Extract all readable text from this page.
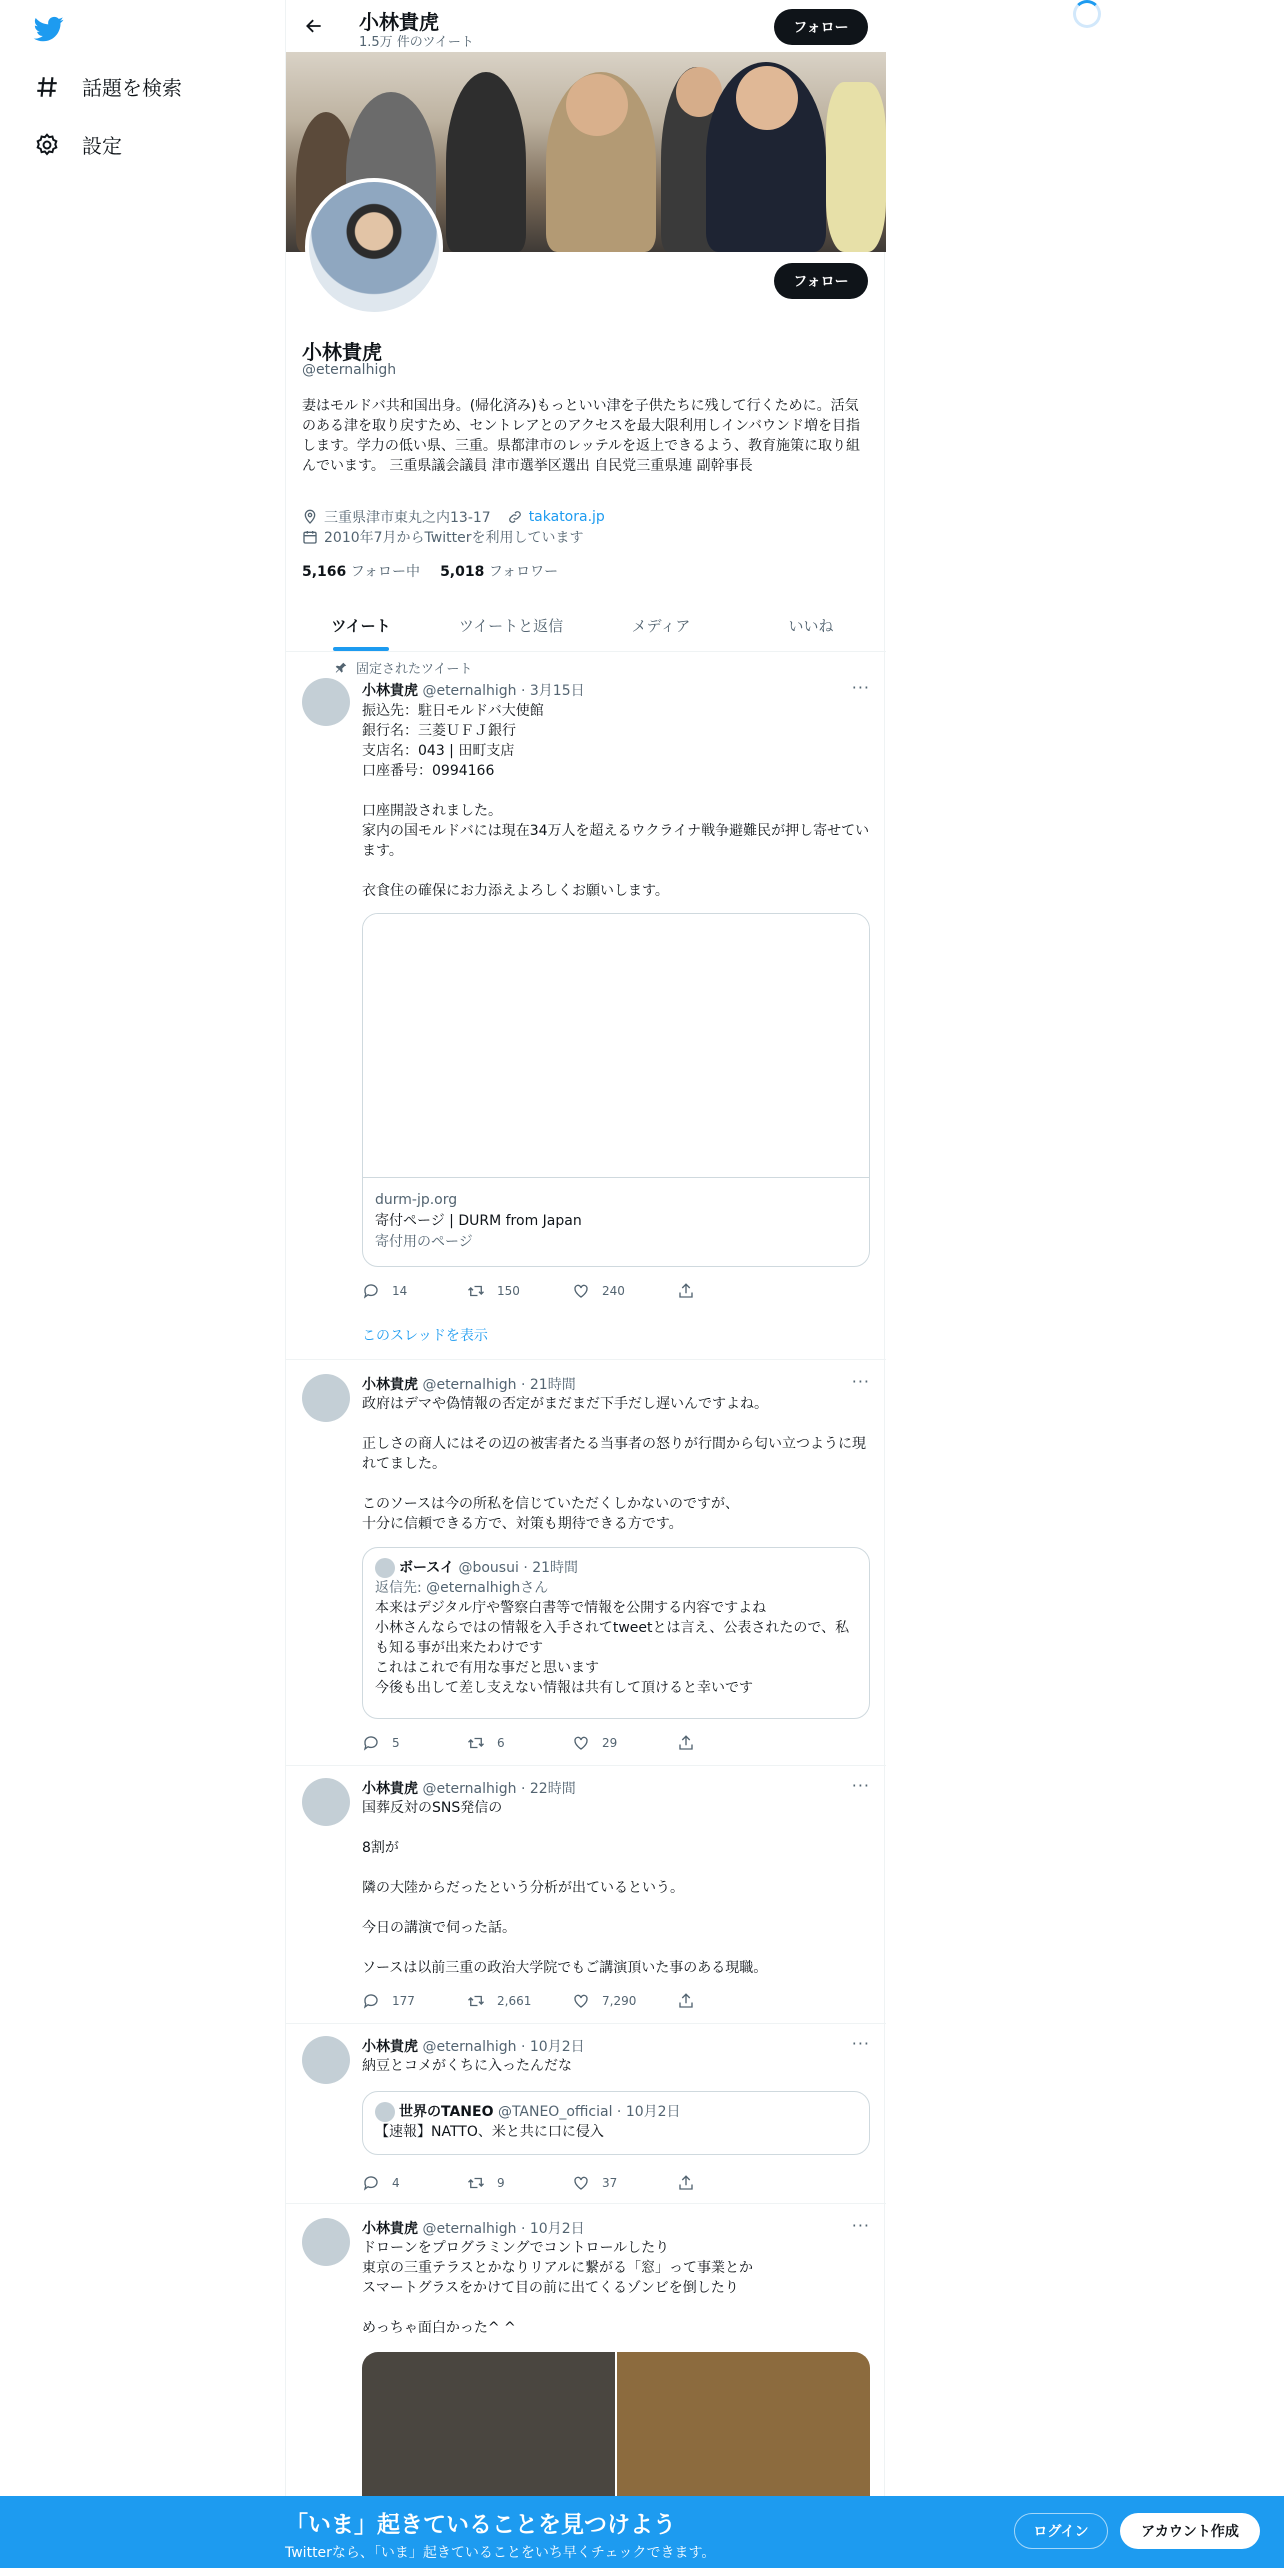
話題を検索
設定
小林貴虎
1.5万 件のツイート
フォロー
フォロー
小林貴虎
@eternalhigh
妻はモルドバ共和国出身。(帰化済み)もっといい津を子供たちに残して行くために。活気のある津を取り戻すため、セントレアとのアクセスを最大限利用しインバウンド増を目指します。学力の低い県、三重。県都津市のレッテルを返上できるよう、教育施策に取り組んでいます。 三重県議会議員 津市選挙区選出 自民党三重県連 副幹事長
三重県津市東丸之内13-17	takatora.jp
2010年7月からTwitterを利用しています
5,166 フォロー中 5,018 フォロワー
ツイート	ツイートと返信	メディア	いいね
固定されたツイート
小林貴虎 @eternalhigh · 3月15日	···
振込先：駐日モルドバ大使館
銀行名：三菱ＵＦＪ銀行
支店名：043 | 田町支店
口座番号：0994166

口座開設されました。
家内の国モルドバには現在34万人を超えるウクライナ戦争避難民が押し寄せています。

衣食住の確保にお力添えよろしくお願いします。
durm-jp.org
寄付ページ | DURM from Japan
寄付用のページ
14	150	240
このスレッドを表示
小林貴虎 @eternalhigh · 21時間	···
政府はデマや偽情報の否定がまだまだ下手だし遅いんですよね。

正しさの商人にはその辺の被害者たる当事者の怒りが行間から匂い立つように現れてました。

このソースは今の所私を信じていただくしかないのですが、
十分に信頼できる方で、対策も期待できる方です。
ボースイ @bousui · 21時間
返信先: @eternalhighさん
本来はデジタル庁や警察白書等で情報を公開する内容ですよね
小林さんならではの情報を入手されてtweetとは言え、公表されたので、私も知る事が出来たわけです
これはこれで有用な事だと思います
今後も出して差し支えない情報は共有して頂けると幸いです
5	6	29
小林貴虎 @eternalhigh · 22時間	···
国葬反対のSNS発信の

8割が

隣の大陸からだったという分析が出ているという。

今日の講演で伺った話。

ソースは以前三重の政治大学院でもご講演頂いた事のある現職。
177	2,661	7,290
小林貴虎 @eternalhigh · 10月2日	···
納豆とコメがくちに入ったんだな
世界のTANEO @TANEO_official · 10月2日
【速報】NATTO、米と共に口に侵入
4	9	37
小林貴虎 @eternalhigh · 10月2日	···
ドローンをプログラミングでコントロールしたり
東京の三重テラスとかなりリアルに繋がる「窓」って事業とか
スマートグラスをかけて目の前に出てくるゾンビを倒したり

めっちゃ面白かった^ ^
「いま」起きていることを見つけよう
Twitterなら、「いま」起きていることをいち早くチェックできます。
ログイン	アカウント作成
